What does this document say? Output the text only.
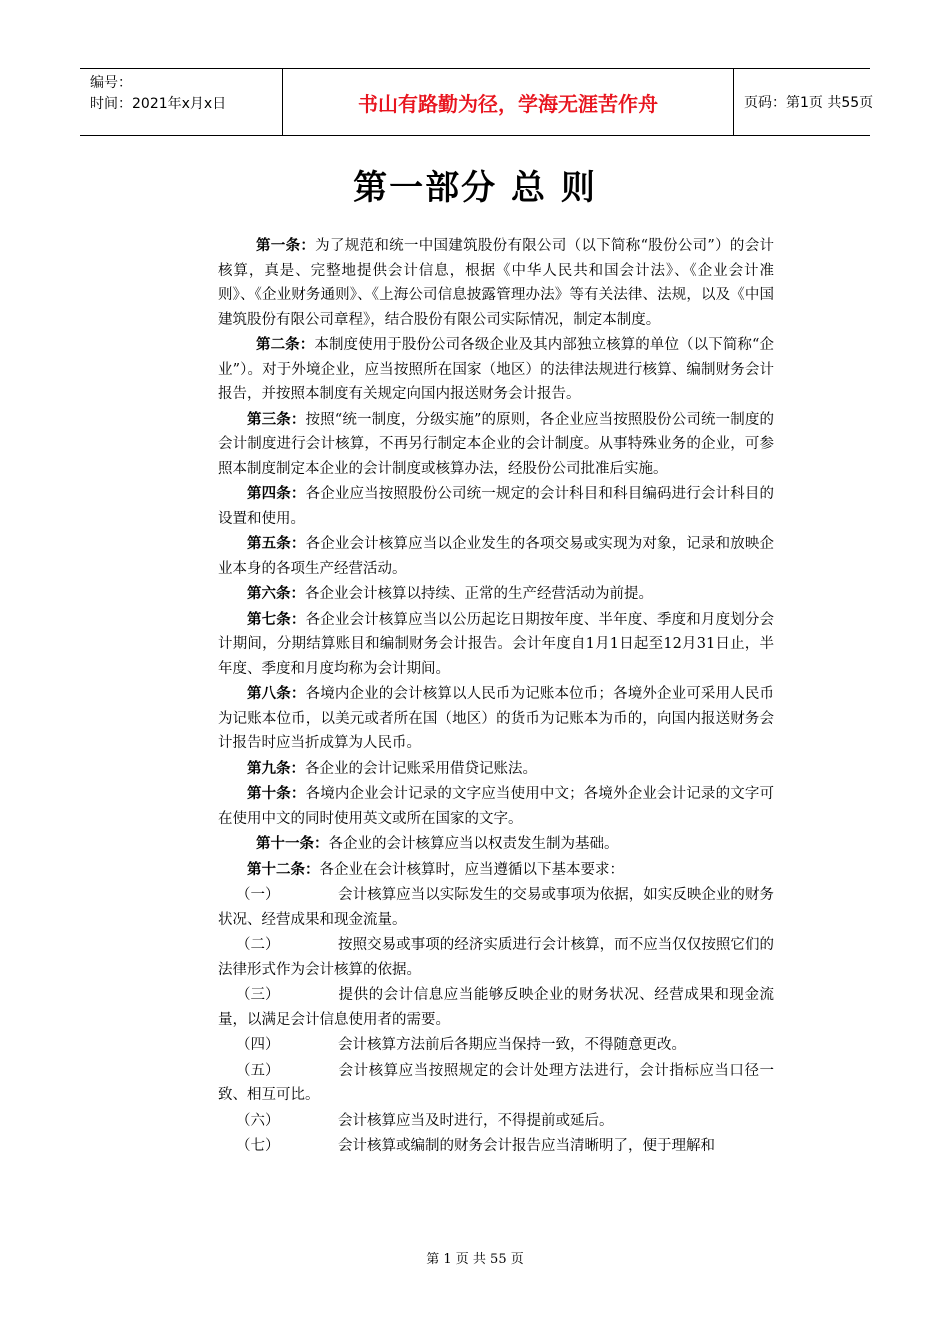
编号：
时间：2021年x月x日	书山有路勤为径，学海无涯苦作舟	页码：第1页 共55页
第一部分 总 则

第一条：为了规范和统一中国建筑股份有限公司（以下简称“股份公司”）的会计核算，真是、完整地提供会计信息，根据《中华人民共和国会计法》、《企业会计准则》、《企业财务通则》、《上海公司信息披露管理办法》等有关法律、法规，以及《中国建筑股份有限公司章程》，结合股份有限公司实际情况，制定本制度。

第二条：本制度使用于股份公司各级企业及其内部独立核算的单位（以下简称“企业”）。对于外境企业，应当按照所在国家（地区）的法律法规进行核算、编制财务会计报告，并按照本制度有关规定向国内报送财务会计报告。

第三条：按照“统一制度，分级实施”的原则，各企业应当按照股份公司统一制度的会计制度进行会计核算，不再另行制定本企业的会计制度。从事特殊业务的企业，可参照本制度制定本企业的会计制度或核算办法，经股份公司批准后实施。

第四条：各企业应当按照股份公司统一规定的会计科目和科目编码进行会计科目的设置和使用。

第五条：各企业会计核算应当以企业发生的各项交易或实现为对象，记录和放映企业本身的各项生产经营活动。

第六条：各企业会计核算以持续、正常的生产经营活动为前提。

第七条：各企业会计核算应当以公历起讫日期按年度、半年度、季度和月度划分会计期间，分期结算账目和编制财务会计报告。会计年度自1月1日起至12月31日止，半年度、季度和月度均称为会计期间。

第八条：各境内企业的会计核算以人民币为记账本位币；各境外企业可采用人民币为记账本位币，以美元或者所在国（地区）的货币为记账本为币的，向国内报送财务会计报告时应当折成算为人民币。

第九条：各企业的会计记账采用借贷记账法。

第十条：各境内企业会计记录的文字应当使用中文；各境外企业会计记录的文字可在使用中文的同时使用英文或所在国家的文字。

第十一条：各企业的会计核算应当以权责发生制为基础。

第十二条：各企业在会计核算时，应当遵循以下基本要求：

（一）	会计核算应当以实际发生的交易或事项为依据，如实反映企业的财务状况、经营成果和现金流量。

（二）	按照交易或事项的经济实质进行会计核算，而不应当仅仅按照它们的法律形式作为会计核算的依据。

（三）	提供的会计信息应当能够反映企业的财务状况、经营成果和现金流量，以满足会计信息使用者的需要。

（四）	会计核算方法前后各期应当保持一致，不得随意更改。

（五）	会计核算应当按照规定的会计处理方法进行，会计指标应当口径一致、相互可比。

（六）	会计核算应当及时进行，不得提前或延后。

（七）	会计核算或编制的财务会计报告应当清晰明了，便于理解和

第 1 页 共 55 页
